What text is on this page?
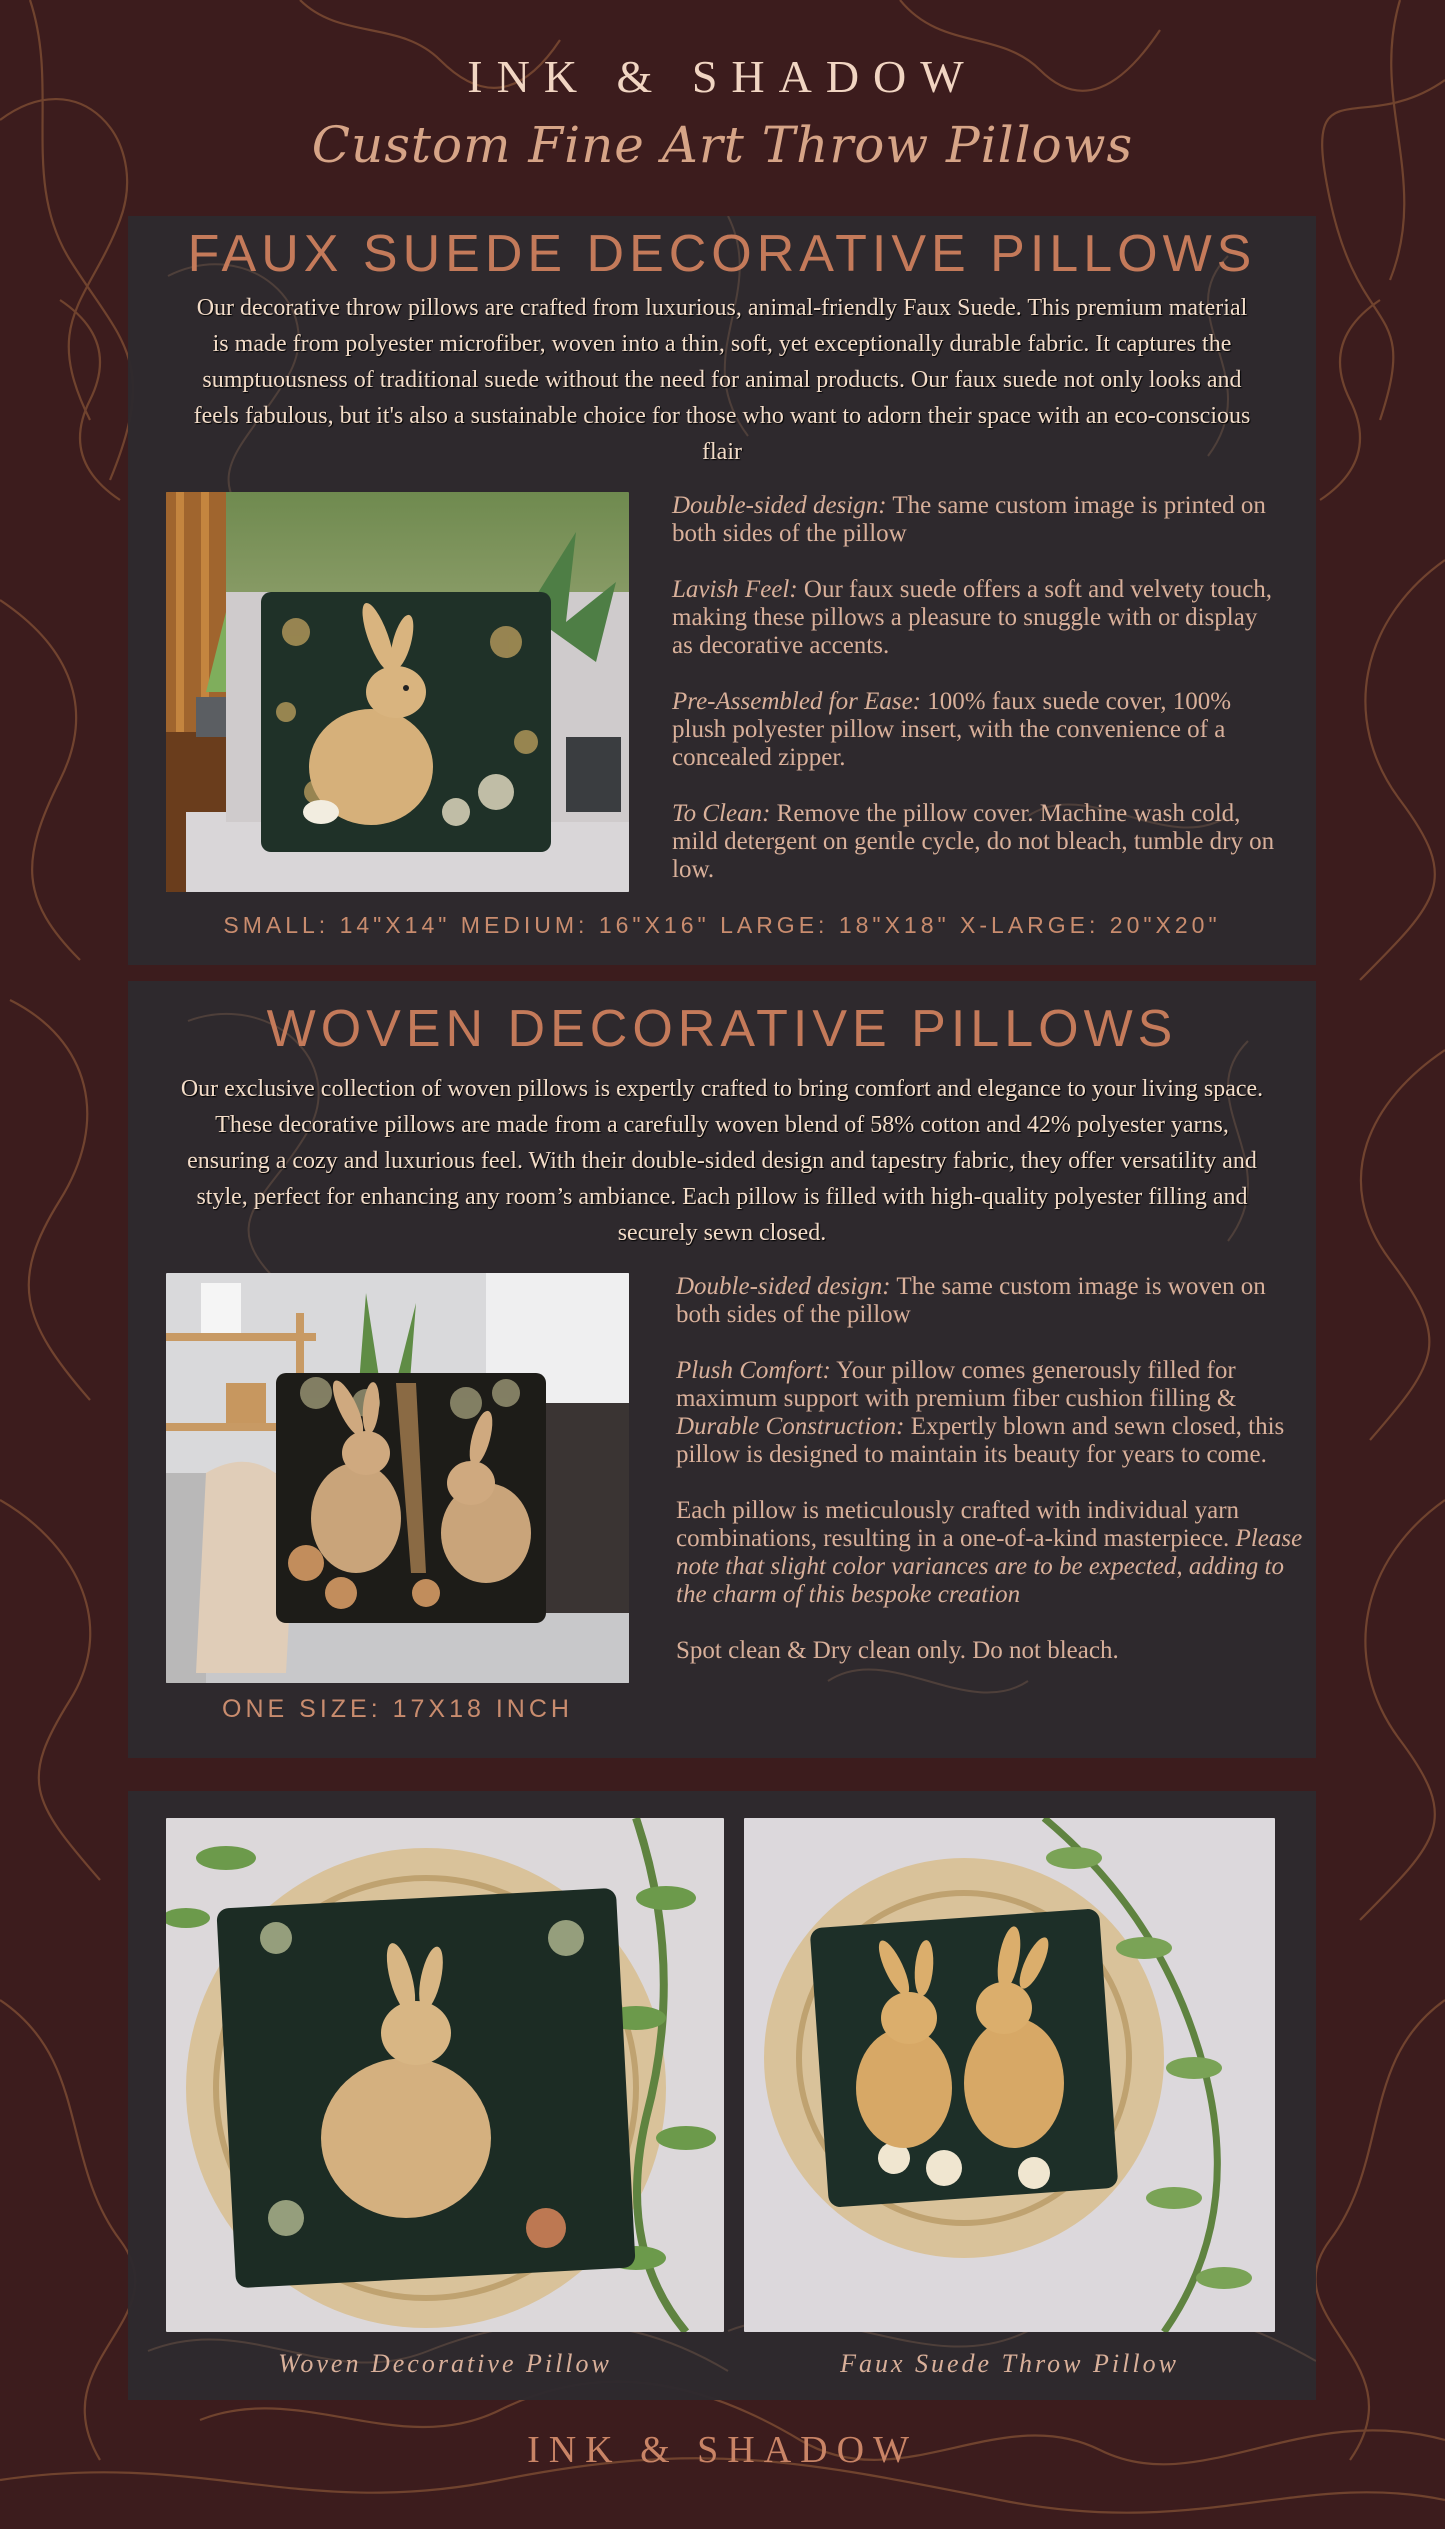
INK & SHADOW
Custom Fine Art Throw Pillows
FAUX SUEDE DECORATIVE PILLOWS

Our decorative throw pillows are crafted from luxurious, animal-friendly Faux Suede. This premium material is made from polyester microfiber, woven into a thin, soft, yet exceptionally durable fabric. It captures the sumptuousness of traditional suede without the need for animal products. Our faux suede not only looks and feels fabulous, but it's also a sustainable choice for those who want to adorn their space with an eco-conscious flair

Double-sided design: The same custom image is printed on both sides of the pillow

Lavish Feel: Our faux suede offers a soft and velvety touch, making these pillows a pleasure to snuggle with or display as decorative accents.

Pre-Assembled for Ease: 100% faux suede cover, 100% plush polyester pillow insert, with the convenience of a concealed zipper.

To Clean: Remove the pillow cover. Machine wash cold, mild detergent on gentle cycle, do not bleach, tumble dry on low.

SMALL: 14"X14" MEDIUM: 16"X16" LARGE: 18"X18" X-LARGE: 20"X20"
WOVEN DECORATIVE PILLOWS

Our exclusive collection of woven pillows is expertly crafted to bring comfort and elegance to your living space. These decorative pillows are made from a carefully woven blend of 58% cotton and 42% polyester yarns, ensuring a cozy and luxurious feel. With their double-sided design and tapestry fabric, they offer versatility and style, perfect for enhancing any room’s ambiance. Each pillow is filled with high-quality polyester filling and securely sewn closed.

Double-sided design: The same custom image is woven on both sides of the pillow

Plush Comfort: Your pillow comes generously filled for maximum support with premium fiber cushion filling & Durable Construction: Expertly blown and sewn closed, this pillow is designed to maintain its beauty for years to come.

Each pillow is meticulously crafted with individual yarn combinations, resulting in a one-of-a-kind masterpiece. Please note that slight color variances are to be expected, adding to the charm of this bespoke creation

Spot clean & Dry clean only. Do not bleach.

ONE SIZE: 17X18 INCH
Woven Decorative Pillow	Faux Suede Throw Pillow
INK & SHADOW
